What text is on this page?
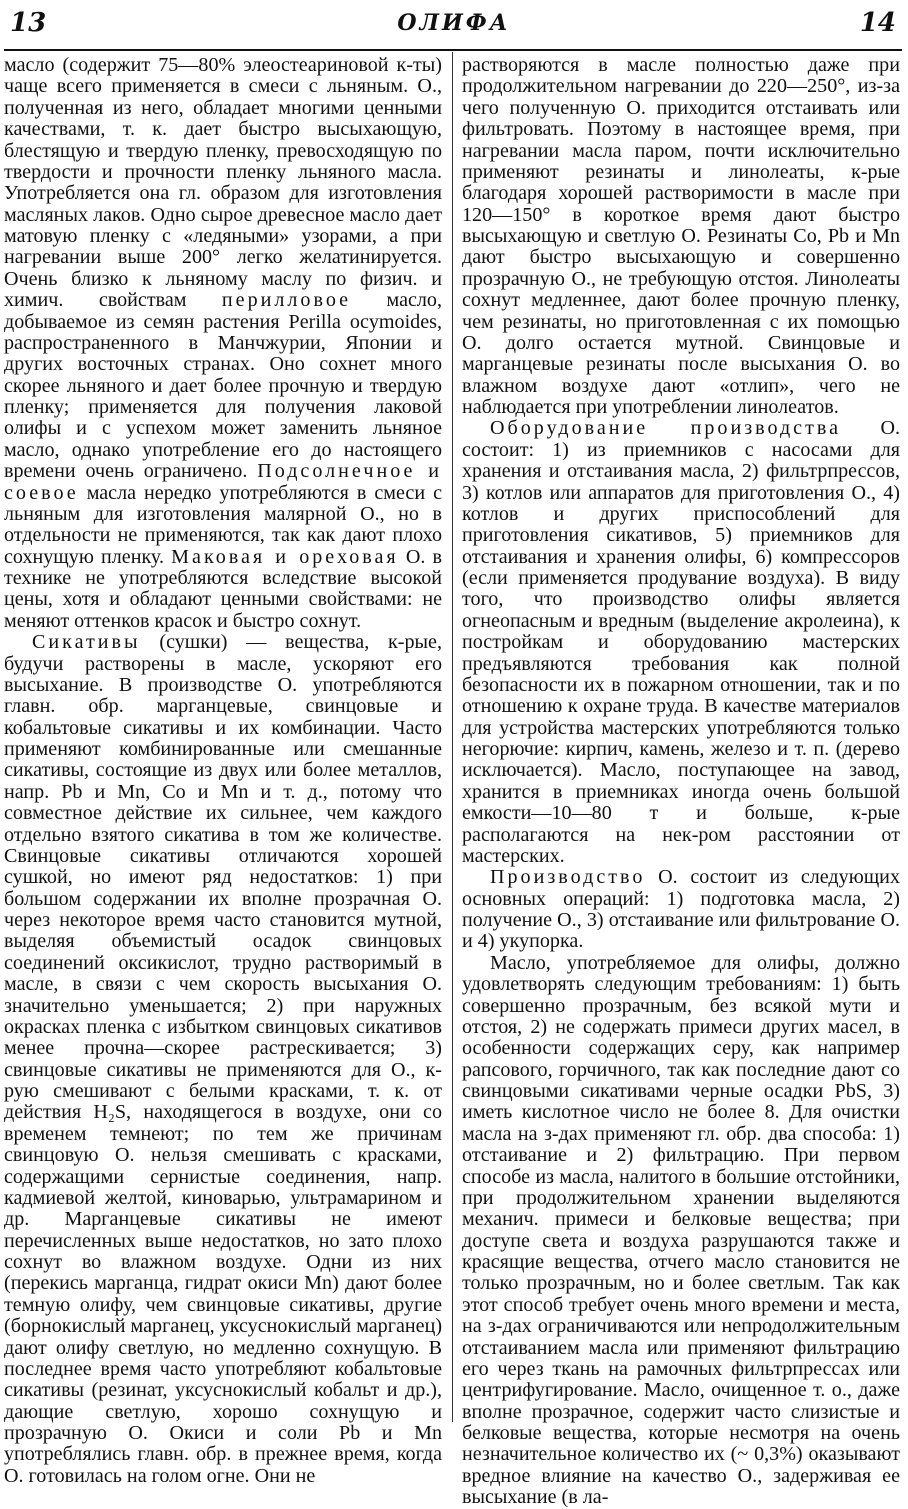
13	ОЛИФА	14

масло (содержит 75—80% элеостеариновой к-ты) чаще всего применяется в смеси с льняным. О., полученная из него, обладает многими ценными качествами, т. к. дает быстро высыхающую, блестящую и твердую пленку, превосходящую по твердости и прочности пленку льняного масла. Употребляется она гл. образом для изготовления масляных лаков. Одно сырое древесное масло дает матовую пленку с «ледяными» узорами, а при нагревании выше 200° легко желатинируется. Очень близко к льняному маслу по физич. и химич. свойствам перилловое масло, добываемое из семян растения Perilla ocymoides, распространенного в Манчжурии, Японии и других восточных странах. Оно сохнет много скорее льняного и дает более прочную и твердую пленку; применяется для получения лаковой олифы и с успехом может заменить льняное масло, однако употребление его до настоящего времени очень ограничено. Подсолнечное и соевое масла нередко употребляются в смеси с льняным для изготовления малярной О., но в отдельности не применяются, так как дают плохо сохнущую пленку. Маковая и ореховая О. в технике не употребляются вследствие высокой цены, хотя и обладают ценными свойствами: не меняют оттенков красок и быстро сохнут.

Сикативы (сушки) — вещества, к-рые, будучи растворены в масле, ускоряют его высыхание. В производстве О. употребляются главн. обр. марганцевые, свинцовые и кобальтовые сикативы и их комбинации. Часто применяют комбинированные или смешанные сикативы, состоящие из двух или более металлов, напр. Pb и Mn, Co и Mn и т. д., потому что совместное действие их сильнее, чем каждого отдельно взятого сикатива в том же количестве. Свинцовые сикативы отличаются хорошей сушкой, но имеют ряд недостатков: 1) при большом содержании их вполне прозрачная О. через некоторое время часто становится мутной, выделяя объемистый осадок свинцовых соединений оксикислот, трудно растворимый в масле, в связи с чем скорость высыхания О. значительно уменьшается; 2) при наружных окрасках пленка с избытком свинцовых сикативов менее прочна—скорее растрескивается; 3) свинцовые сикативы не применяются для О., к-рую смешивают с белыми красками, т. к. от действия H₂S, находящегося в воздухе, они со временем темнеют; по тем же причинам свинцовую О. нельзя смешивать с красками, содержащими сернистые соединения, напр. кадмиевой желтой, киноварью, ультрамарином и др. Марганцевые сикативы не имеют перечисленных выше недостатков, но зато плохо сохнут во влажном воздухе. Одни из них (перекись марганца, гидрат окиси Mn) дают более темную олифу, чем свинцовые сикативы, другие (борнокислый марганец, уксуснокислый марганец) дают олифу светлую, но медленно сохнущую. В последнее время часто употребляют кобальтовые сикативы (резинат, уксуснокислый кобальт и др.), дающие светлую, хорошо сохнущую и прозрачную О. Окиси и соли Pb и Mn употреблялись главн. обр. в прежнее время, когда О. готовилась на голом огне. Они не

растворяются в масле полностью даже при продолжительном нагревании до 220—250°, из-за чего полученную О. приходится отстаивать или фильтровать. Поэтому в настоящее время, при нагревании масла паром, почти исключительно применяют резинаты и линолеаты, к-рые благодаря хорошей растворимости в масле при 120—150° в короткое время дают быстро высыхающую и светлую О. Резинаты Co, Pb и Mn дают быстро высыхающую и совершенно прозрачную О., не требующую отстоя. Линолеаты сохнут медленнее, дают более прочную пленку, чем резинаты, но приготовленная с их помощью О. долго остается мутной. Свинцовые и марганцевые резинаты после высыхания О. во влажном воздухе дают «отлип», чего не наблюдается при употреблении линолеатов.

Оборудование производства О. состоит: 1) из приемников с насосами для хранения и отстаивания масла, 2) фильтрпрессов, 3) котлов или аппаратов для приготовления О., 4) котлов и других приспособлений для приготовления сикативов, 5) приемников для отстаивания и хранения олифы, 6) компрессоров (если применяется продувание воздуха). В виду того, что производство олифы является огнеопасным и вредным (выделение акролеина), к постройкам и оборудованию мастерских предъявляются требования как полной безопасности их в пожарном отношении, так и по отношению к охране труда. В качестве материалов для устройства мастерских употребляются только негорючие: кирпич, камень, железо и т. п. (дерево исключается). Масло, поступающее на завод, хранится в приемниках иногда очень большой емкости—10—80 т и больше, к-рые располагаются на нек-ром расстоянии от мастерских.

Производство О. состоит из следующих основных операций: 1) подготовка масла, 2) получение О., 3) отстаивание или фильтрование О. и 4) укупорка.

Масло, употребляемое для олифы, должно удовлетворять следующим требованиям: 1) быть совершенно прозрачным, без всякой мути и отстоя, 2) не содержать примеси других масел, в особенности содержащих серу, как например рапсового, горчичного, так как последние дают со свинцовыми сикативами черные осадки PbS, 3) иметь кислотное число не более 8. Для очистки масла на з-дах применяют гл. обр. два способа: 1) отстаивание и 2) фильтрацию. При первом способе из масла, налитого в большие отстойники, при продолжительном хранении выделяются механич. примеси и белковые вещества; при доступе света и воздуха разрушаются также и красящие вещества, отчего масло становится не только прозрачным, но и более светлым. Так как этот способ требует очень много времени и места, на з-дах ограничиваются или непродолжительным отстаиванием масла или применяют фильтрацию его через ткань на рамочных фильтрпрессах или центрифугирование. Масло, очищенное т. о., даже вполне прозрачное, содержит часто слизистые и белковые вещества, которые несмотря на очень незначительное количество их (~ 0,3%) оказывают вредное влияние на качество О., задерживая ее высыхание (в ла-
